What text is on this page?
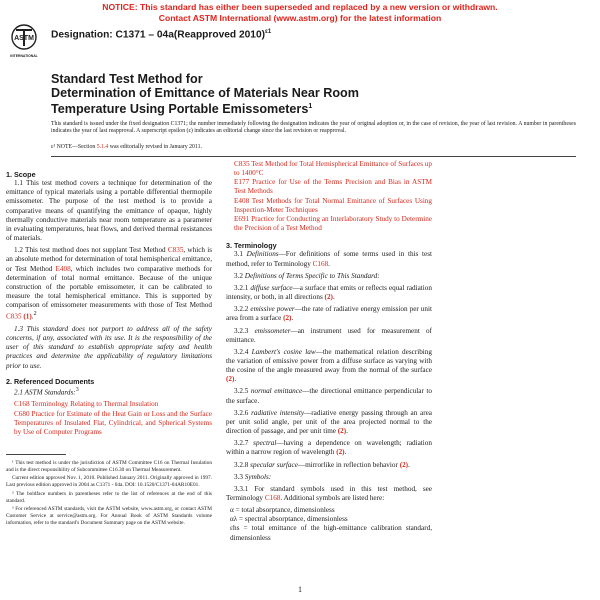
NOTICE: This standard has either been superseded and replaced by a new version or withdrawn.
Contact ASTM International (www.astm.org) for the latest information
ASTM
INTERNATIONAL
Designation: C1371 – 04a(Reapproved 2010)$^{\varepsilon 1}$
Standard Test Method for
Determination of Emittance of Materials Near Room
Temperature Using Portable Emissometers$^1$
This standard is issued under the fixed designation C1371; the number immediately following the designation indicates the year of original adoption or, in the case of revision, the year of last revision. A number in parentheses indicates the year of last reapproval. A superscript epsilon (ε) indicates an editorial change since the last revision or reapproval.
ε¹ NOTE—Section 5.1.4 was editorially revised in January 2011.

1. Scope

1.1 This test method covers a technique for determination of the emittance of typical materials using a portable differential thermopile emissometer. The purpose of the test method is to provide a comparative means of quantifying the emittance of opaque, highly thermally conductive materials near room temperature as a parameter in evaluating temperatures, heat flows, and derived thermal resistances of materials.

1.2 This test method does not supplant Test Method C835, which is an absolute method for determination of total hemispherical emittance, or Test Method E408, which includes two comparative methods for determination of total normal emittance. Because of the unique construction of the portable emissometer, it can be calibrated to measure the total hemispherical emittance. This is supported by comparison of emissometer measurements with those of Test Method C835 (1).$^2$

1.3 This standard does not purport to address all of the safety concerns, if any, associated with its use. It is the responsibility of the user of this standard to establish appropriate safety and health practices and determine the applicability of regulatory limitations prior to use.

2. Referenced Documents

2.1 ASTM Standards:$^3$

C168 Terminology Relating to Thermal Insulation

C680 Practice for Estimate of the Heat Gain or Loss and the Surface Temperatures of Insulated Flat, Cylindrical, and Spherical Systems by Use of Computer Programs

¹ This test method is under the jurisdiction of ASTM Committee C16 on Thermal Insulation and is the direct responsibility of Subcommittee C16.30 on Thermal Measurement.

Current edition approved Nov. 1, 2010. Published January 2011. Originally approved in 1997. Last previous edition approved in 2004 as C1371 - 04a. DOI: 10.1520/C1371-04AR10E01.

² The boldface numbers in parentheses refer to the list of references at the end of this standard.

³ For referenced ASTM standards, visit the ASTM website, www.astm.org, or contact ASTM Customer Service at service@astm.org. For Annual Book of ASTM Standards volume information, refer to the standard's Document Summary page on the ASTM website.

C835 Test Method for Total Hemispherical Emittance of Surfaces up to 1400°C

E177 Practice for Use of the Terms Precision and Bias in ASTM Test Methods

E408 Test Methods for Total Normal Emittance of Surfaces Using Inspection-Meter Techniques

E691 Practice for Conducting an Interlaboratory Study to Determine the Precision of a Test Method

3. Terminology

3.1 Definitions—For definitions of some terms used in this test method, refer to Terminology C168.

3.2 Definitions of Terms Specific to This Standard:

3.2.1 diffuse surface—a surface that emits or reflects equal radiation intensity, or both, in all directions (2).

3.2.2 emissive power—the rate of radiative energy emission per unit area from a surface (2).

3.2.3 emissometer—an instrument used for measurement of emittance.

3.2.4 Lambert's cosine law—the mathematical relation describing the variation of emissive power from a diffuse surface as varying with the cosine of the angle measured away from the normal of the surface (2).

3.2.5 normal emittance—the directional emittance perpendicular to the surface.

3.2.6 radiative intensity—radiative energy passing through an area per unit solid angle, per unit of the area projected normal to the direction of passage, and per unit time (2).

3.2.7 spectral—having a dependence on wavelength; radiation within a narrow region of wavelength (2).

3.2.8 specular surface—mirrorlike in reflection behavior (2).

3.3 Symbols:

3.3.1 For standard symbols used in this test method, see Terminology C168. Additional symbols are listed here:

α = total absorptance, dimensionless

αλ = spectral absorptance, dimensionless

εhs = total emittance of the high-emittance calibration standard, dimensionless

1
